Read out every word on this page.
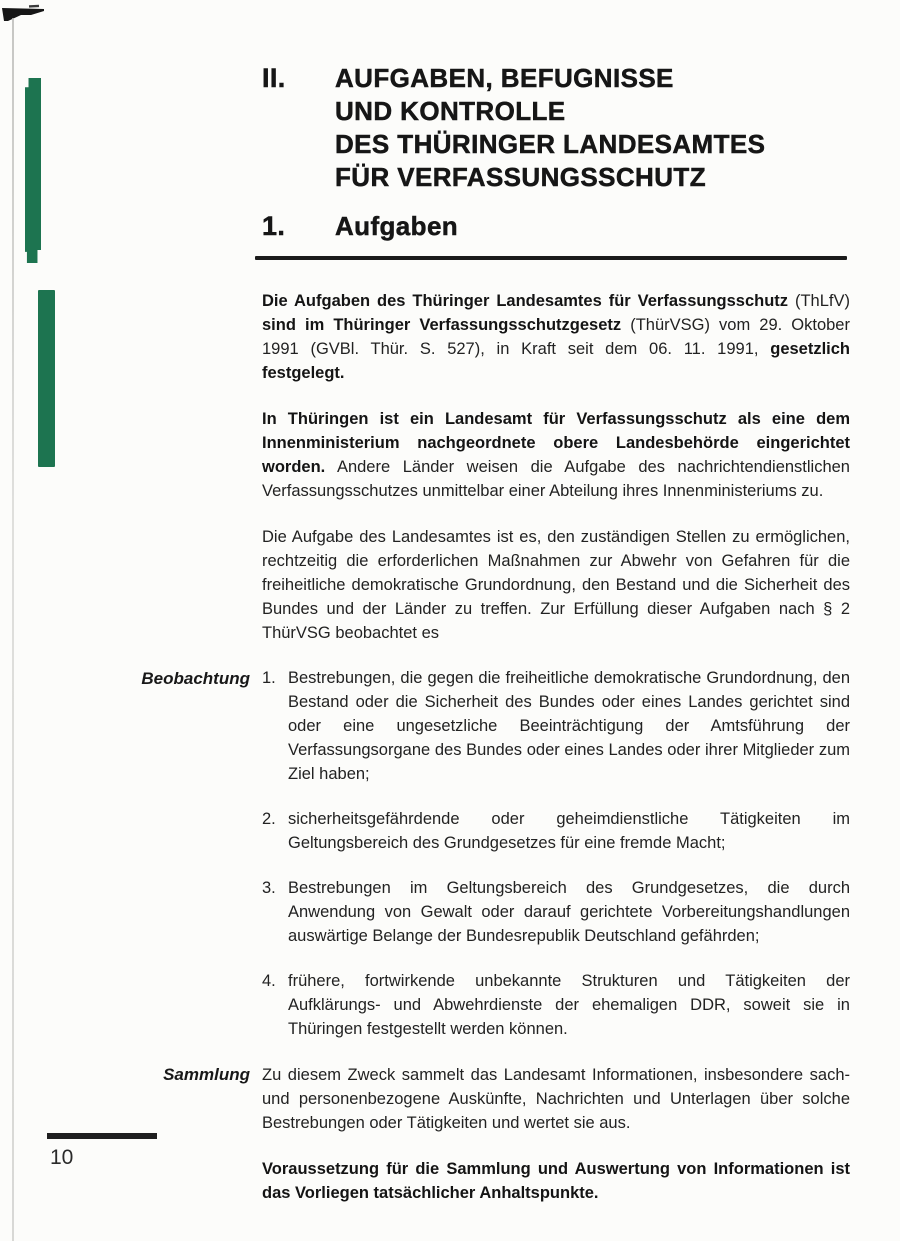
II.	AUFGABEN, BEFUGNISSE
UND KONTROLLE
DES THÜRINGER LANDESAMTES
FÜR VERFASSUNGSSCHUTZ
1.	Aufgaben

Die Aufgaben des Thüringer Landesamtes für Verfassungsschutz (ThLfV) sind im Thüringer Verfassungsschutzgesetz (ThürVSG) vom 29. Oktober 1991 (GVBl. Thür. S. 527), in Kraft seit dem 06. 11. 1991, gesetzlich festgelegt.

In Thüringen ist ein Landesamt für Verfassungsschutz als eine dem Innenministerium nachgeordnete obere Landesbehörde eingerichtet worden. Andere Länder weisen die Aufgabe des nachrichtendienstlichen Verfassungsschutzes unmittelbar einer Abteilung ihres Innenministeriums zu.

Die Aufgabe des Landesamtes ist es, den zuständigen Stellen zu ermöglichen, rechtzeitig die erforderlichen Maßnahmen zur Abwehr von Gefahren für die freiheitliche demokratische Grundordnung, den Bestand und die Sicherheit des Bundes und der Länder zu treffen. Zur Erfüllung dieser Aufgaben nach § 2 ThürVSG beobachtet es

Beobachtung 1. Bestrebungen, die gegen die freiheitliche demokratische Grundordnung, den Bestand oder die Sicherheit des Bundes oder eines Landes gerichtet sind oder eine ungesetzliche Beeinträchtigung der Amtsführung der Verfassungsorgane des Bundes oder eines Landes oder ihrer Mitglieder zum Ziel haben;
2. sicherheitsgefährdende oder geheimdienstliche Tätigkeiten im Geltungsbereich des Grundgesetzes für eine fremde Macht;
3. Bestrebungen im Geltungsbereich des Grundgesetzes, die durch Anwendung von Gewalt oder darauf gerichtete Vorbereitungshandlungen auswärtige Belange der Bundesrepublik Deutschland gefährden;
4. frühere, fortwirkende unbekannte Strukturen und Tätigkeiten der Aufklärungs- und Abwehrdienste der ehemaligen DDR, soweit sie in Thüringen festgestellt werden können.
Sammlung Zu diesem Zweck sammelt das Landesamt Informationen, insbesondere sach- und personenbezogene Auskünfte, Nachrichten und Unterlagen über solche Bestrebungen oder Tätigkeiten und wertet sie aus.

Voraussetzung für die Sammlung und Auswertung von Informationen ist das Vorliegen tatsächlicher Anhaltspunkte.

10
